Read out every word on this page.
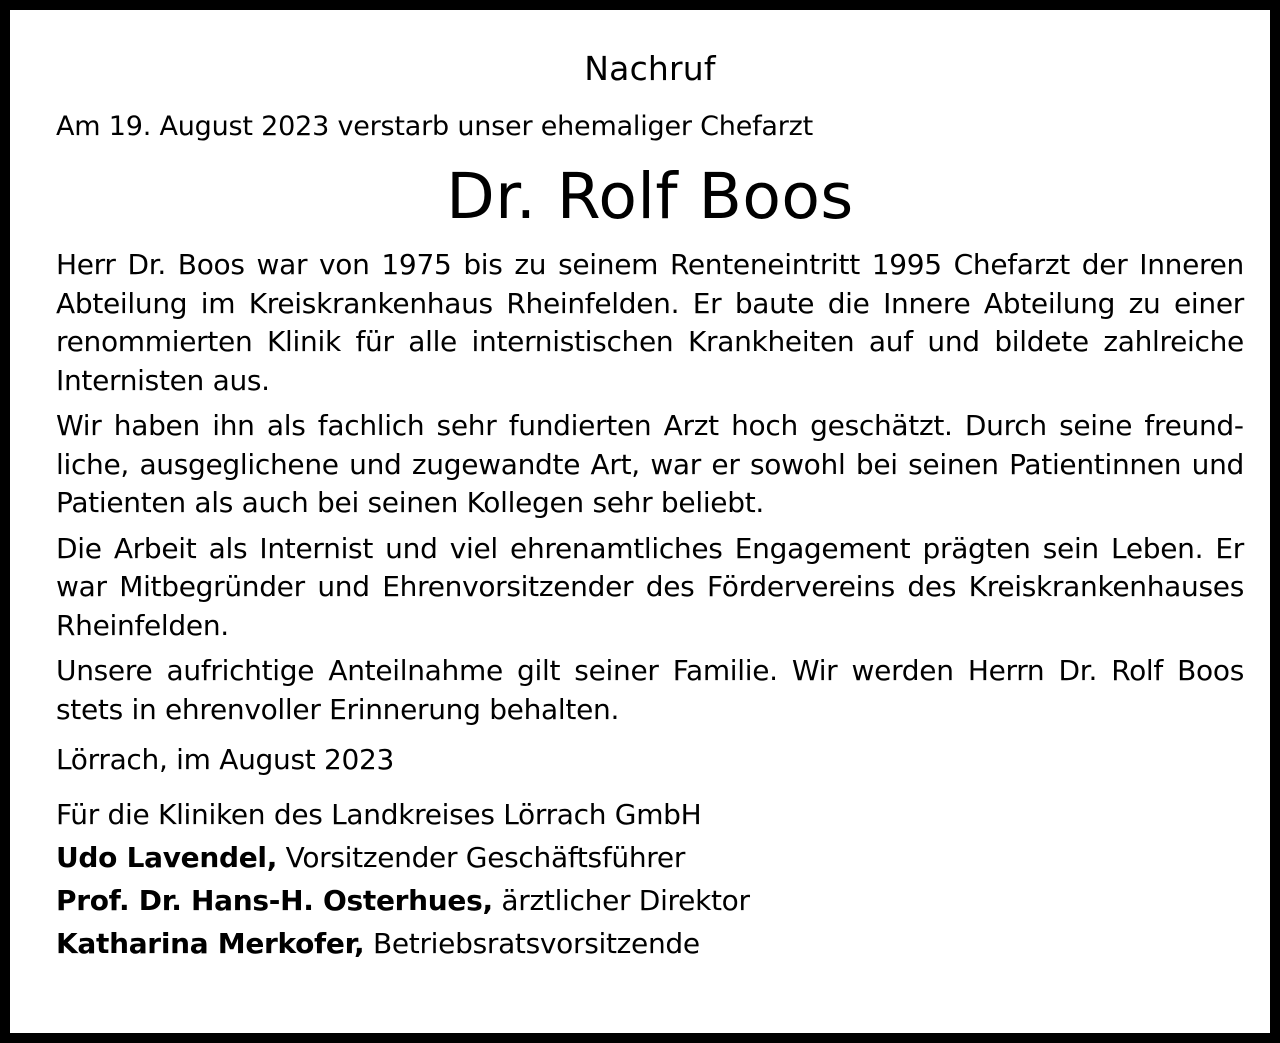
Nachruf
Am 19. August 2023 verstarb unser ehemaliger Chefarzt
Dr. Rolf Boos

Herr Dr. Boos war von 1975 bis zu seinem Renteneintritt 1995 Chefarzt der Inneren Abteilung im Kreiskrankenhaus Rheinfelden. Er baute die Innere Abteilung zu einer renommierten Klinik für alle internistischen Krankheiten auf und bildete zahlreiche Internisten aus.

Wir haben ihn als fachlich sehr fundierten Arzt hoch geschätzt. Durch seine freundliche, ausgeglichene und zugewandte Art, war er sowohl bei seinen Patientinnen und Patienten als auch bei seinen Kollegen sehr beliebt.

Die Arbeit als Internist und viel ehrenamtliches Engagement prägten sein Leben. Er war Mitbegründer und Ehrenvorsitzender des Fördervereins des Kreiskrankenhauses Rheinfelden.

Unsere aufrichtige Anteilnahme gilt seiner Familie. Wir werden Herrn Dr. Rolf Boos stets in ehrenvoller Erinnerung behalten.

Lörrach, im August 2023
Für die Kliniken des Landkreises Lörrach GmbH
Udo Lavendel, Vorsitzender Geschäftsführer
Prof. Dr. Hans-H. Osterhues, ärztlicher Direktor
Katharina Merkofer, Betriebsratsvorsitzende
